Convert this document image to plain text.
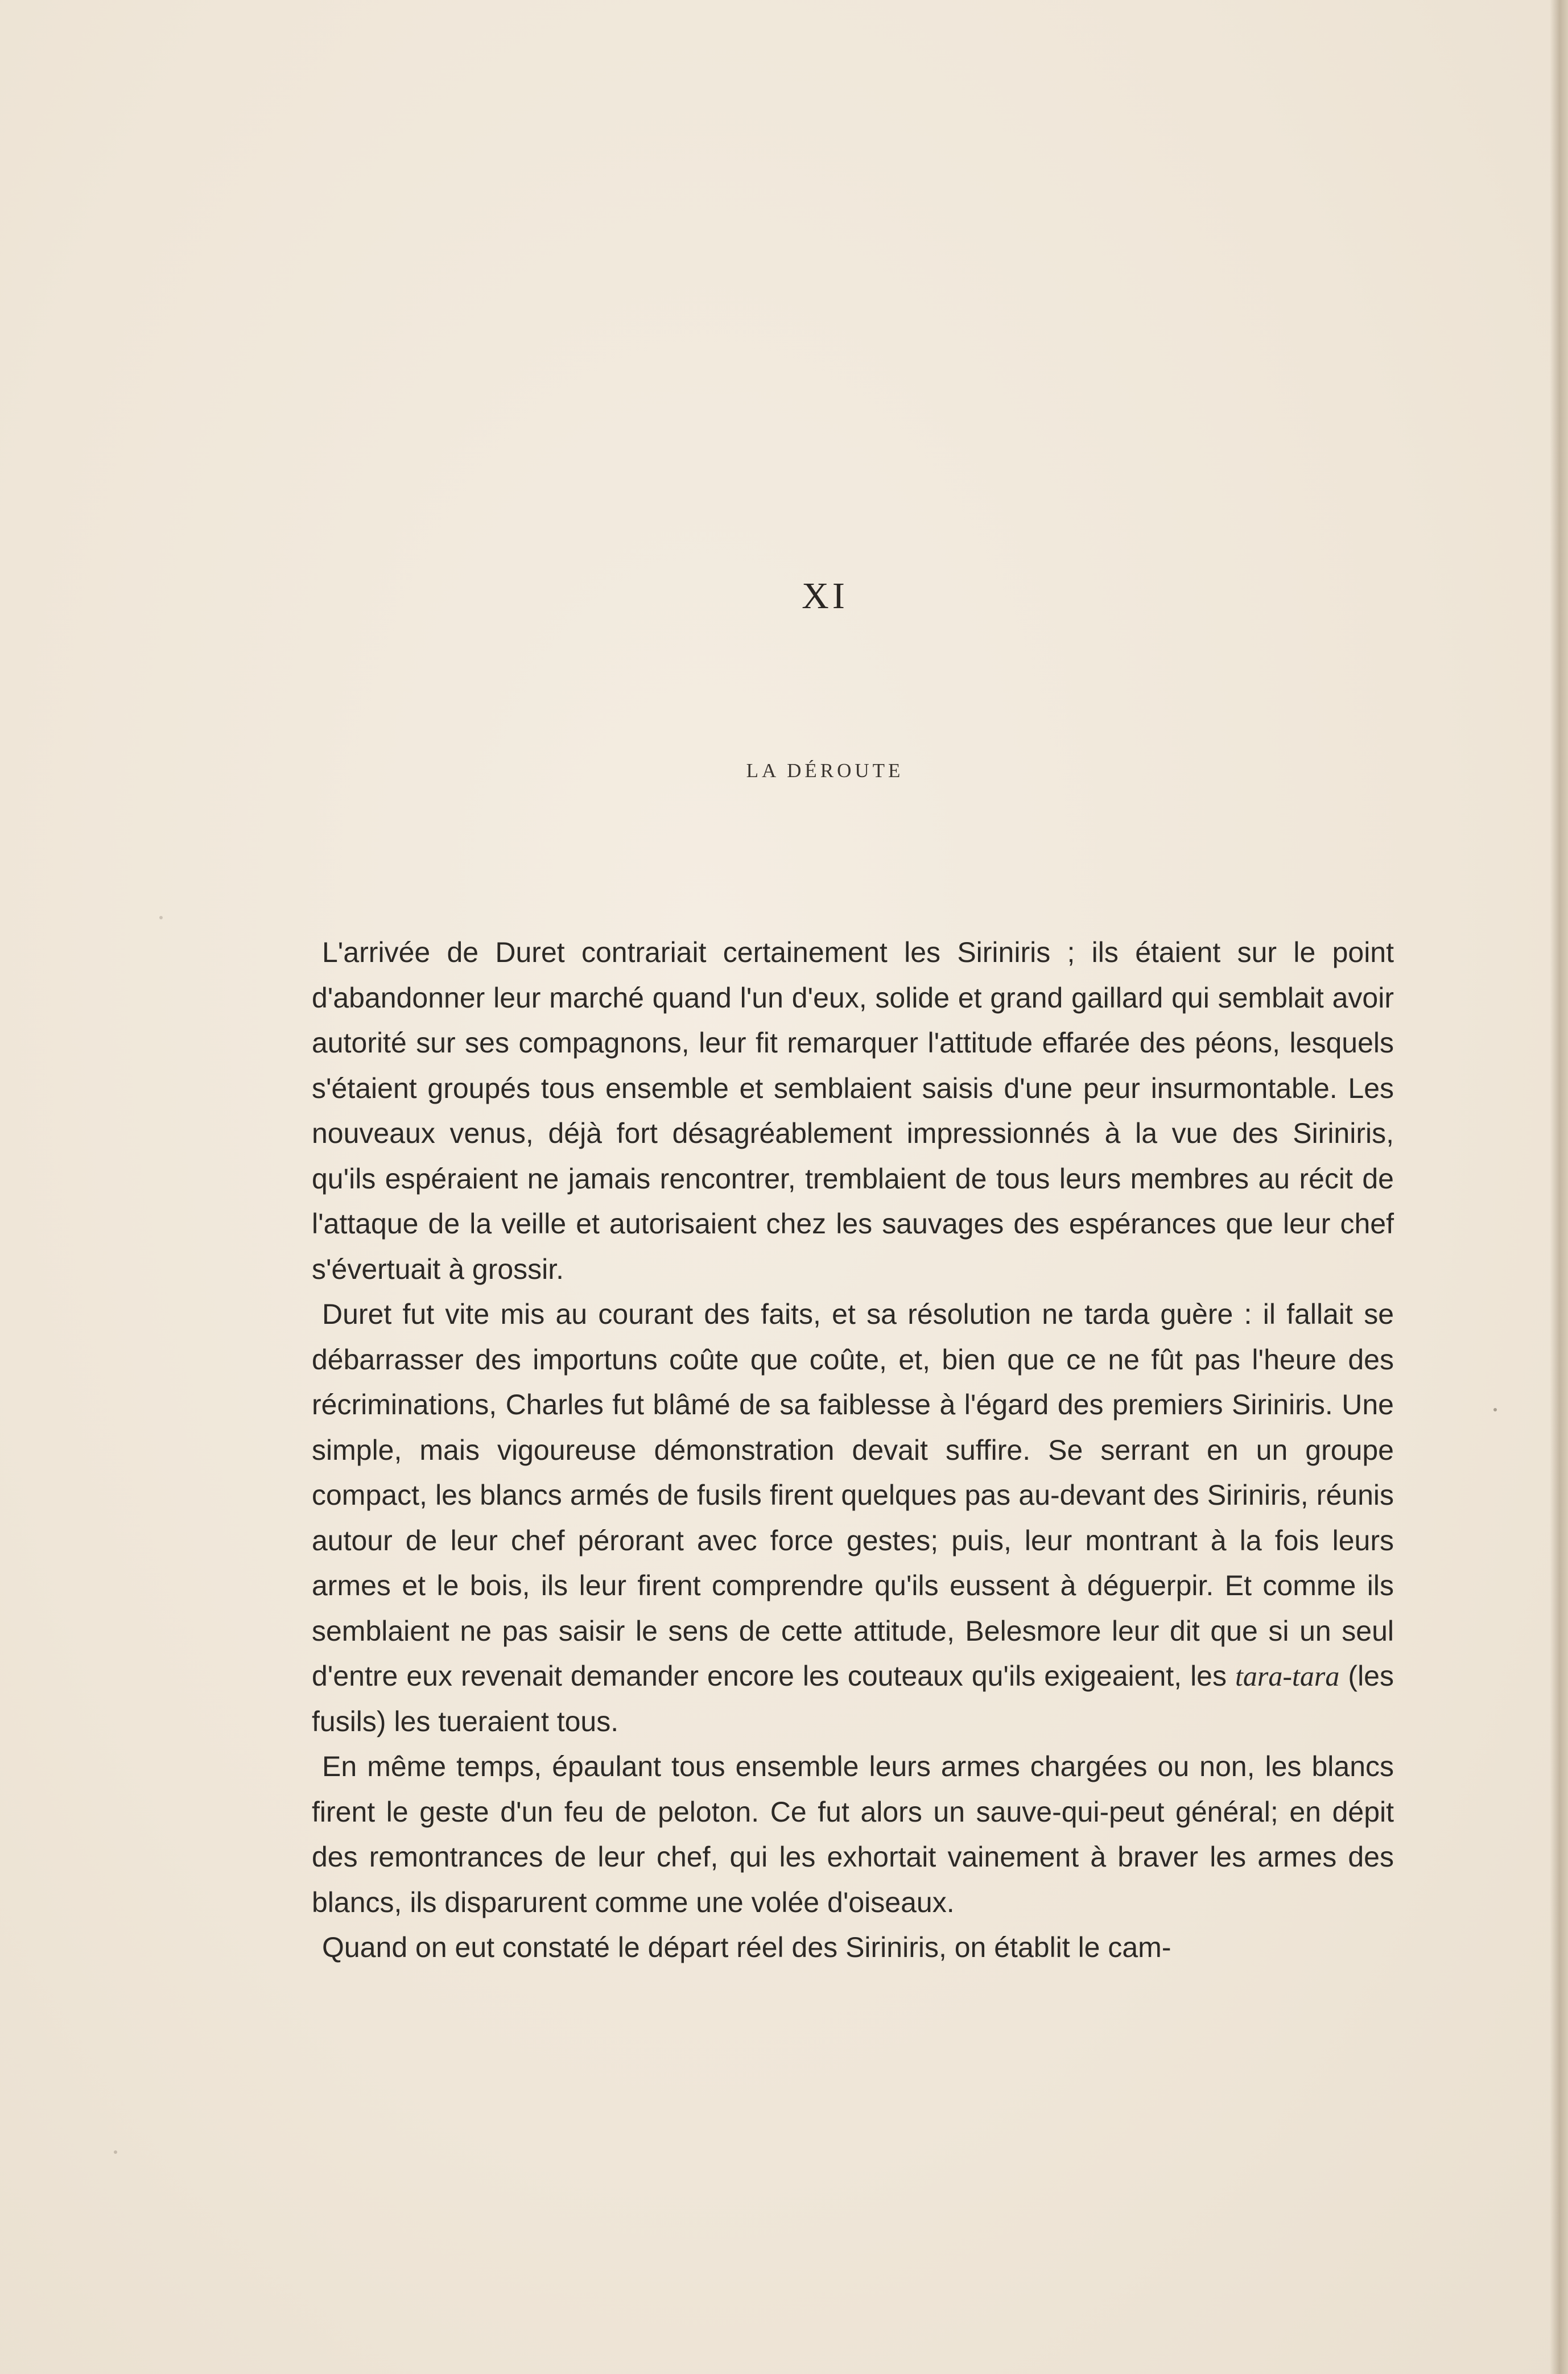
XI
LA DÉROUTE

L'arrivée de Duret contrariait certainement les Siriniris ; ils étaient sur le point d'abandonner leur marché quand l'un d'eux, solide et grand gaillard qui semblait avoir autorité sur ses compagnons, leur fit remarquer l'attitude effarée des péons, lesquels s'étaient groupés tous ensemble et semblaient saisis d'une peur insurmontable. Les nouveaux venus, déjà fort désagréablement impressionnés à la vue des Siriniris, qu'ils espéraient ne jamais rencontrer, tremblaient de tous leurs membres au récit de l'attaque de la veille et autorisaient chez les sauvages des espérances que leur chef s'évertuait à grossir.

Duret fut vite mis au courant des faits, et sa résolution ne tarda guère : il fallait se débarrasser des importuns coûte que coûte, et, bien que ce ne fût pas l'heure des récriminations, Charles fut blâmé de sa faiblesse à l'égard des premiers Siriniris. Une simple, mais vigoureuse démonstration devait suffire. Se serrant en un groupe compact, les blancs armés de fusils firent quelques pas au-devant des Siriniris, réunis autour de leur chef pérorant avec force gestes; puis, leur montrant à la fois leurs armes et le bois, ils leur firent comprendre qu'ils eussent à déguerpir. Et comme ils semblaient ne pas saisir le sens de cette attitude, Belesmore leur dit que si un seul d'entre eux revenait demander encore les couteaux qu'ils exigeaient, les tara-tara (les fusils) les tueraient tous.

En même temps, épaulant tous ensemble leurs armes chargées ou non, les blancs firent le geste d'un feu de peloton. Ce fut alors un sauve-qui-peut général; en dépit des remontrances de leur chef, qui les exhortait vainement à braver les armes des blancs, ils disparurent comme une volée d'oiseaux.

Quand on eut constaté le départ réel des Siriniris, on établit le cam-
